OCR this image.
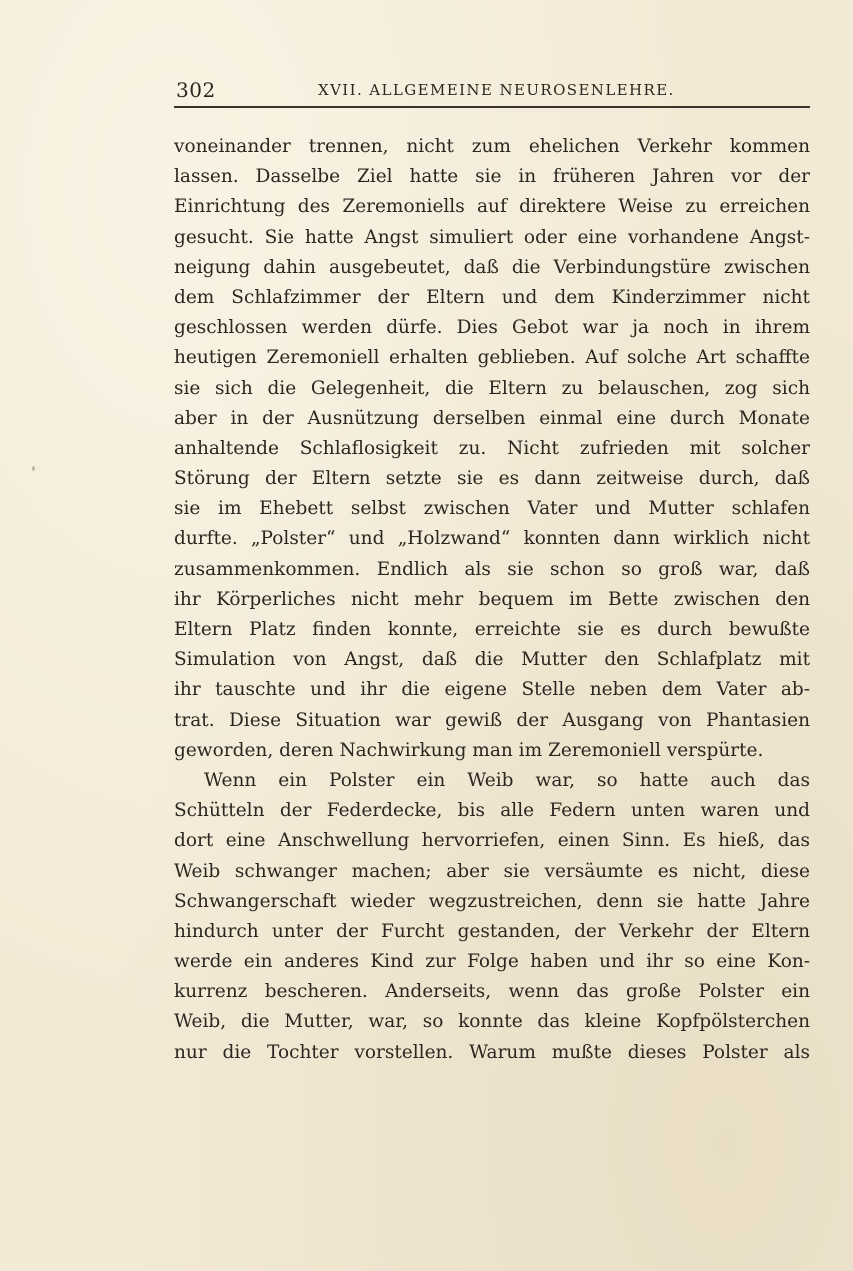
302	XVII. ALLGEMEINE NEUROSENLEHRE.
voneinander trennen, nicht zum ehelichen Verkehr kommen
lassen. Dasselbe Ziel hatte sie in früheren Jahren vor der
Einrichtung des Zeremoniells auf direktere Weise zu erreichen
gesucht. Sie hatte Angst simuliert oder eine vorhandene Angst-
neigung dahin ausgebeutet, daß die Verbindungstüre zwischen
dem Schlafzimmer der Eltern und dem Kinderzimmer nicht
geschlossen werden dürfe. Dies Gebot war ja noch in ihrem
heutigen Zeremoniell erhalten geblieben. Auf solche Art schaffte
sie sich die Gelegenheit, die Eltern zu belauschen, zog sich
aber in der Ausnützung derselben einmal eine durch Monate
anhaltende Schlaflosigkeit zu. Nicht zufrieden mit solcher
Störung der Eltern setzte sie es dann zeitweise durch, daß
sie im Ehebett selbst zwischen Vater und Mutter schlafen
durfte. „Polster“ und „Holzwand“ konnten dann wirklich nicht
zusammenkommen. Endlich als sie schon so groß war, daß
ihr Körperliches nicht mehr bequem im Bette zwischen den
Eltern Platz finden konnte, erreichte sie es durch bewußte
Simulation von Angst, daß die Mutter den Schlafplatz mit
ihr tauschte und ihr die eigene Stelle neben dem Vater ab-
trat. Diese Situation war gewiß der Ausgang von Phantasien
geworden, deren Nachwirkung man im Zeremoniell verspürte.
Wenn ein Polster ein Weib war, so hatte auch das
Schütteln der Federdecke, bis alle Federn unten waren und
dort eine Anschwellung hervorriefen, einen Sinn. Es hieß, das
Weib schwanger machen; aber sie versäumte es nicht, diese
Schwangerschaft wieder wegzustreichen, denn sie hatte Jahre
hindurch unter der Furcht gestanden, der Verkehr der Eltern
werde ein anderes Kind zur Folge haben und ihr so eine Kon-
kurrenz bescheren. Anderseits, wenn das große Polster ein
Weib, die Mutter, war, so konnte das kleine Kopfpölsterchen
nur die Tochter vorstellen. Warum mußte dieses Polster als
